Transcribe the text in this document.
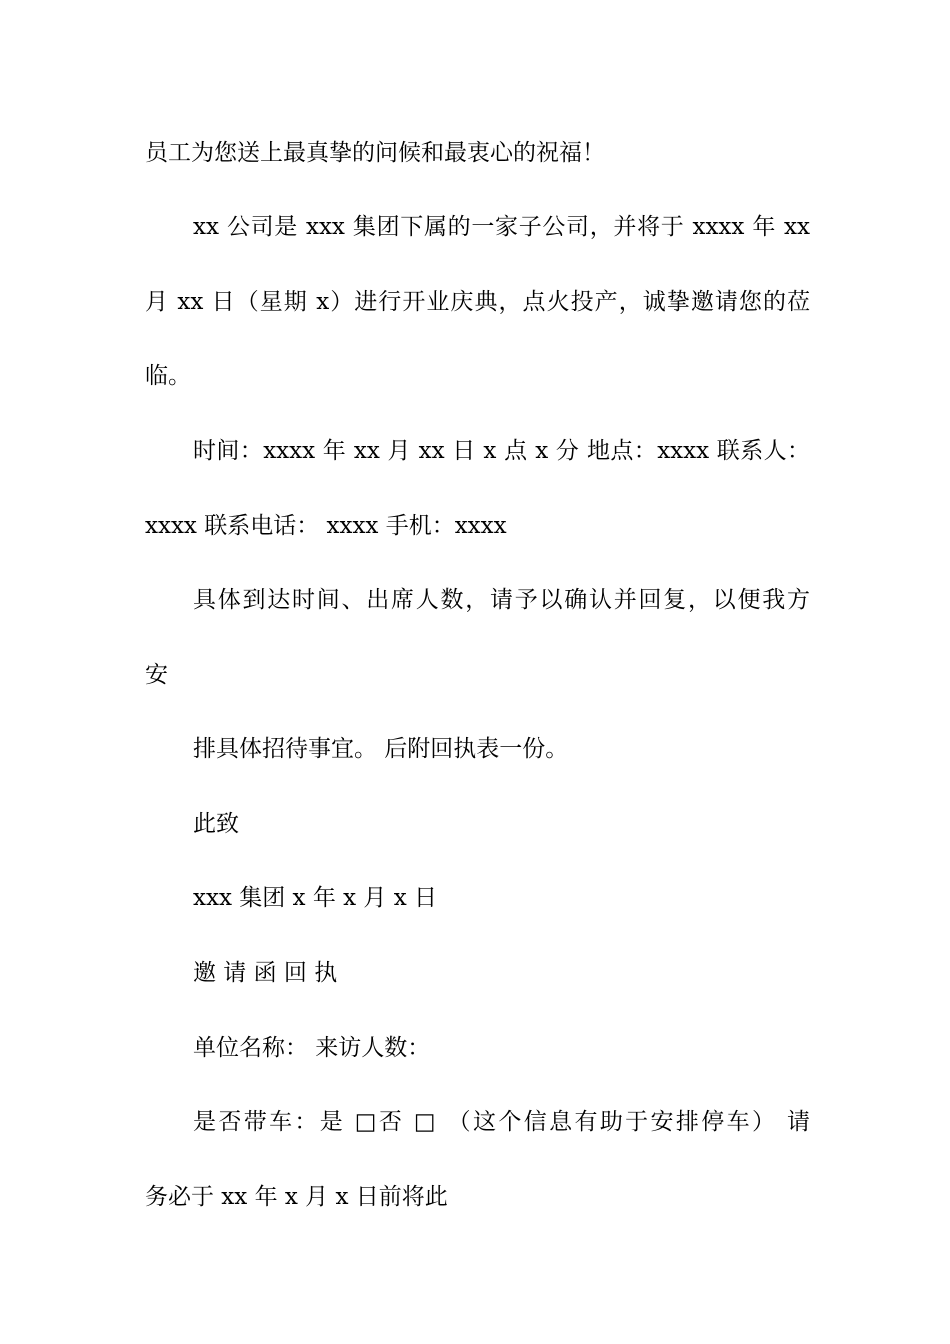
员工为您送上最真挚的问候和最衷心的祝福！
xx 公司是 xxx 集团下属的一家子公司，并将于 xxxx 年 xx
月 xx 日（星期 x）进行开业庆典，点火投产，诚挚邀请您的莅
临。
时间：xxxx 年 xx 月 xx 日 x 点 x 分 地点：xxxx 联系人：
xxxx 联系电话： xxxx 手机：xxxx
具体到达时间、出席人数，请予以确认并回复，以便我方
安
排具体招待事宜。 后附回执表一份。
此致
xxx 集团 x 年 x 月 x 日
邀 请 函 回 执
单位名称： 来访人数：
是否带车：是 □否 □ （这个信息有助于安排停车） 请
务必于 xx 年 x 月 x 日前将此
